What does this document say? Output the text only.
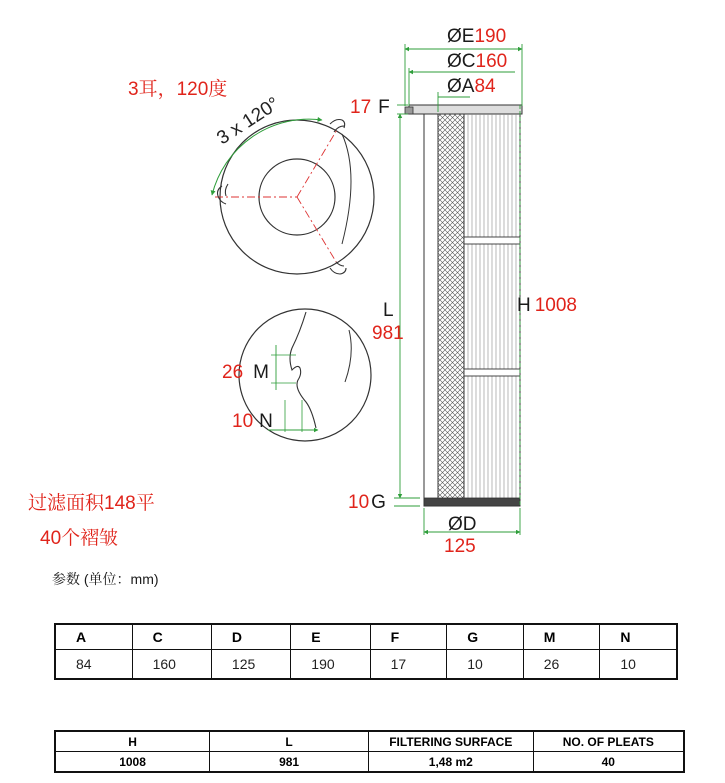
3 x 120°
3耳，120度
ØE190
ØC160
ØA84
17 F
L
981
H 1008
10 G
ØD
125
26 M
10 N
过滤面积148平
40个褶皱
参数 (单位：mm)
A	C	D	E	F	G	M	N
84	160	125	190	17	10	26	10
H	L	FILTERING SURFACE	NO. OF PLEATS
1008	981	1,48 m2	40
